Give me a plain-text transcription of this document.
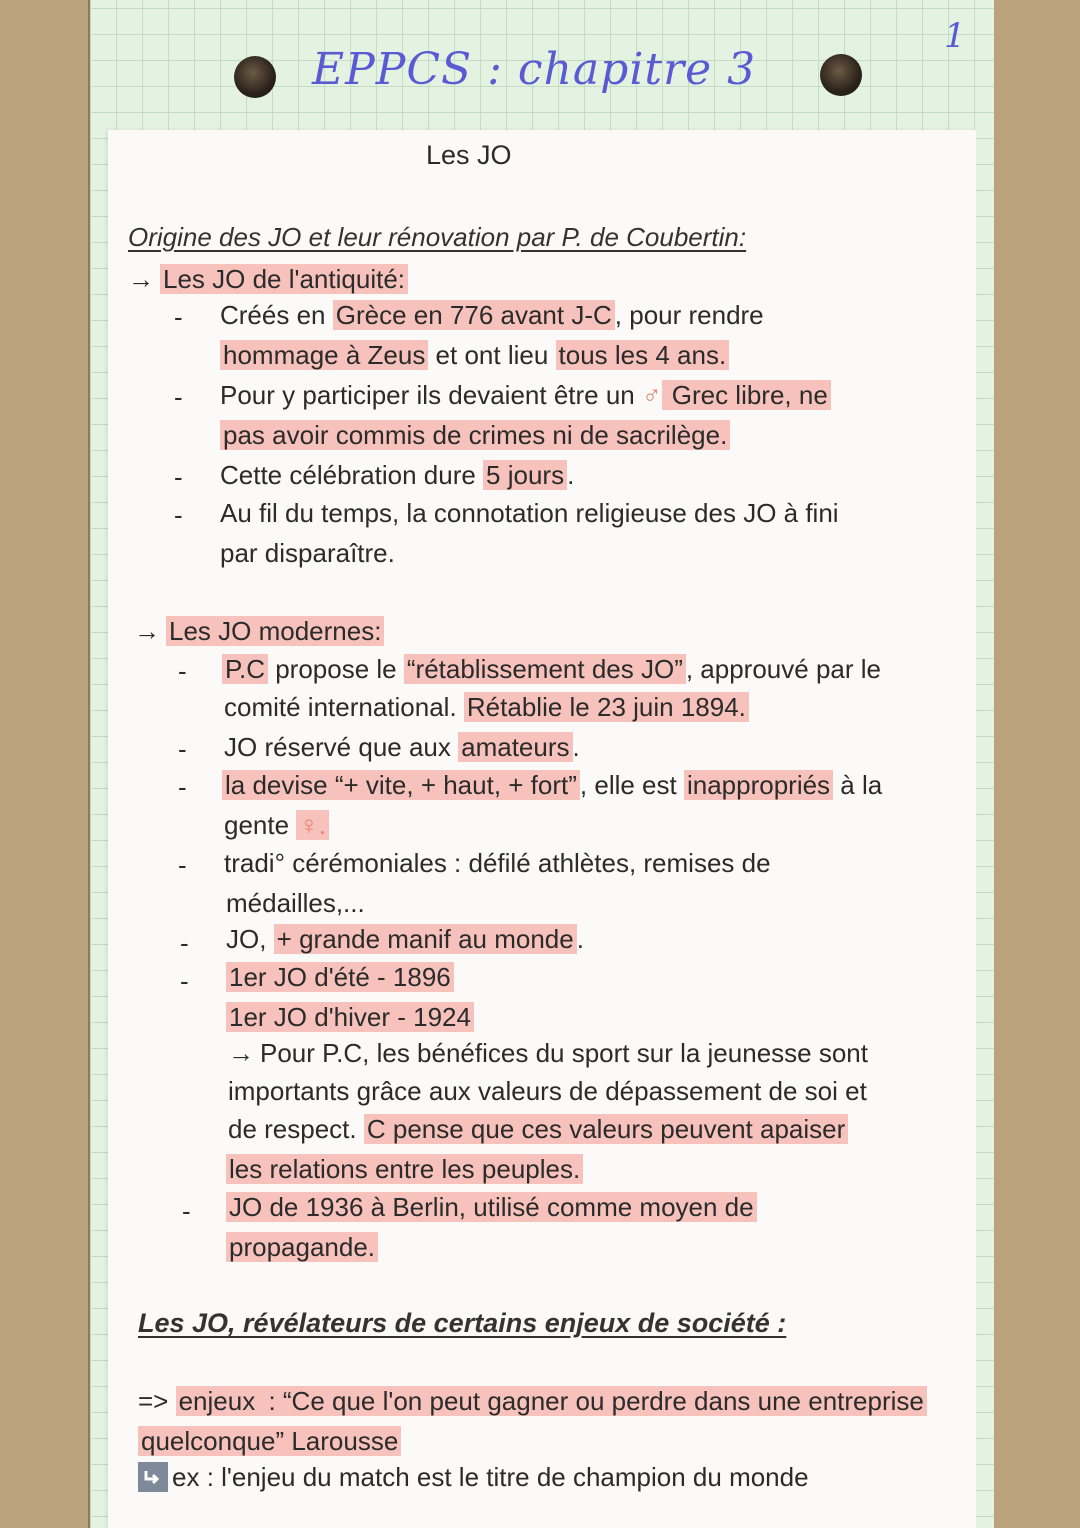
EPPCS : chapitre 3
1
Les JO
Origine des JO et leur rénovation par P. de Coubertin:
→ Les JO de l'antiquité:
- Créés en Grèce en 776 avant J-C , pour rendre
hommage à Zeus et ont lieu tous les 4 ans.
- Pour y participer ils devaient être un ♂ Grec libre, ne
pas avoir commis de crimes ni de sacrilège.
- Cette célébration dure 5 jours .
- Au fil du temps, la connotation religieuse des JO à fini
par disparaître.
→ Les JO modernes:
- P.C propose le “rétablissement des JO” , approuvé par le
comité international. Rétablie le 23 juin 1894.
- JO réservé que aux amateurs .
- la devise “+ vite, + haut, + fort” , elle est inappropriés à la
gente ♀.
- tradi° cérémoniales : défilé athlètes, remises de
médailles,...
- JO, + grande manif au monde .
- 1er JO d'été - 1896
1er JO d'hiver - 1924
→ Pour P.C, les bénéfices du sport sur la jeunesse sont
importants grâce aux valeurs de dépassement de soi et
de respect. C pense que ces valeurs peuvent apaiser
les relations entre les peuples.
- JO de 1936 à Berlin, utilisé comme moyen de
propagande.
Les JO, révélateurs de certains enjeux de société :
=> enjeux : “Ce que l'on peut gagner ou perdre dans une entreprise
quelconque” Larousse
ex : l'enjeu du match est le titre de champion du monde
